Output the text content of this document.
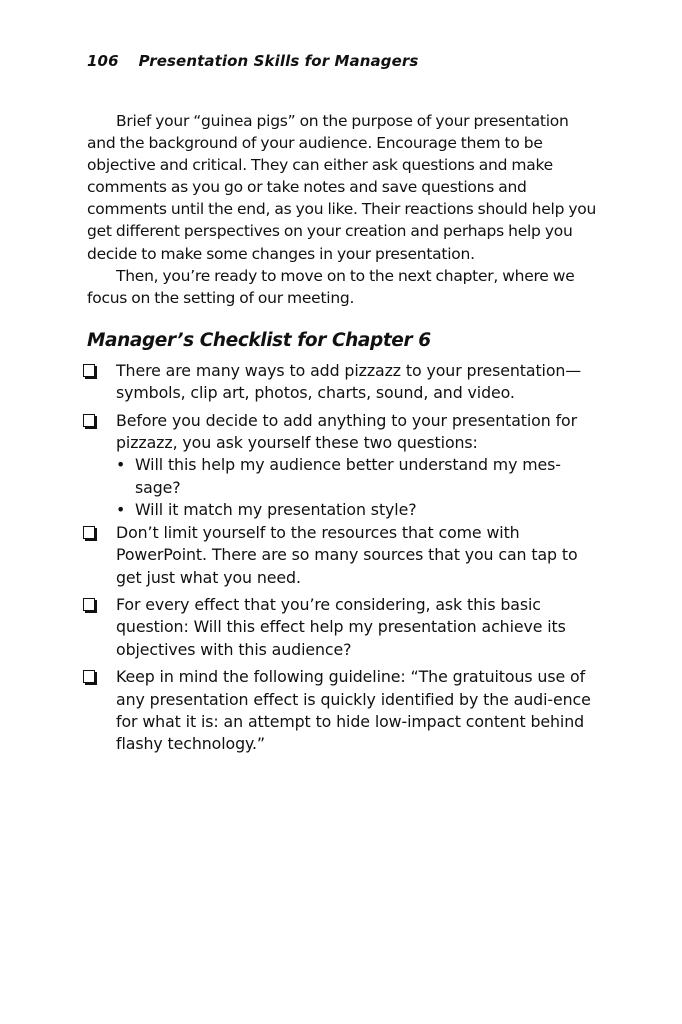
106 Presentation Skills for Managers

Brief your “guinea pigs” on the purpose of your presentation and the background of your audience. Encourage them to be objective and critical. They can either ask questions and make comments as you go or take notes and save questions and comments until the end, as you like. Their reactions should help you get different perspectives on your creation and perhaps help you decide to make some changes in your presentation.

Then, you’re ready to move on to the next chapter, where we focus on the setting of our meeting.

Manager’s Checklist for Chapter 6
There are many ways to add pizzazz to your presentation—symbols, clip art, photos, charts, sound, and video.
Before you decide to add anything to your presentation for pizzazz, you ask yourself these two questions:
• Will this help my audience better understand my mes-sage?
• Will it match my presentation style?
Don’t limit yourself to the resources that come with PowerPoint. There are so many sources that you can tap to get just what you need.
For every effect that you’re considering, ask this basic question: Will this effect help my presentation achieve its objectives with this audience?
Keep in mind the following guideline: “The gratuitous use of any presentation effect is quickly identified by the audi-ence for what it is: an attempt to hide low-impact content behind flashy technology.”
